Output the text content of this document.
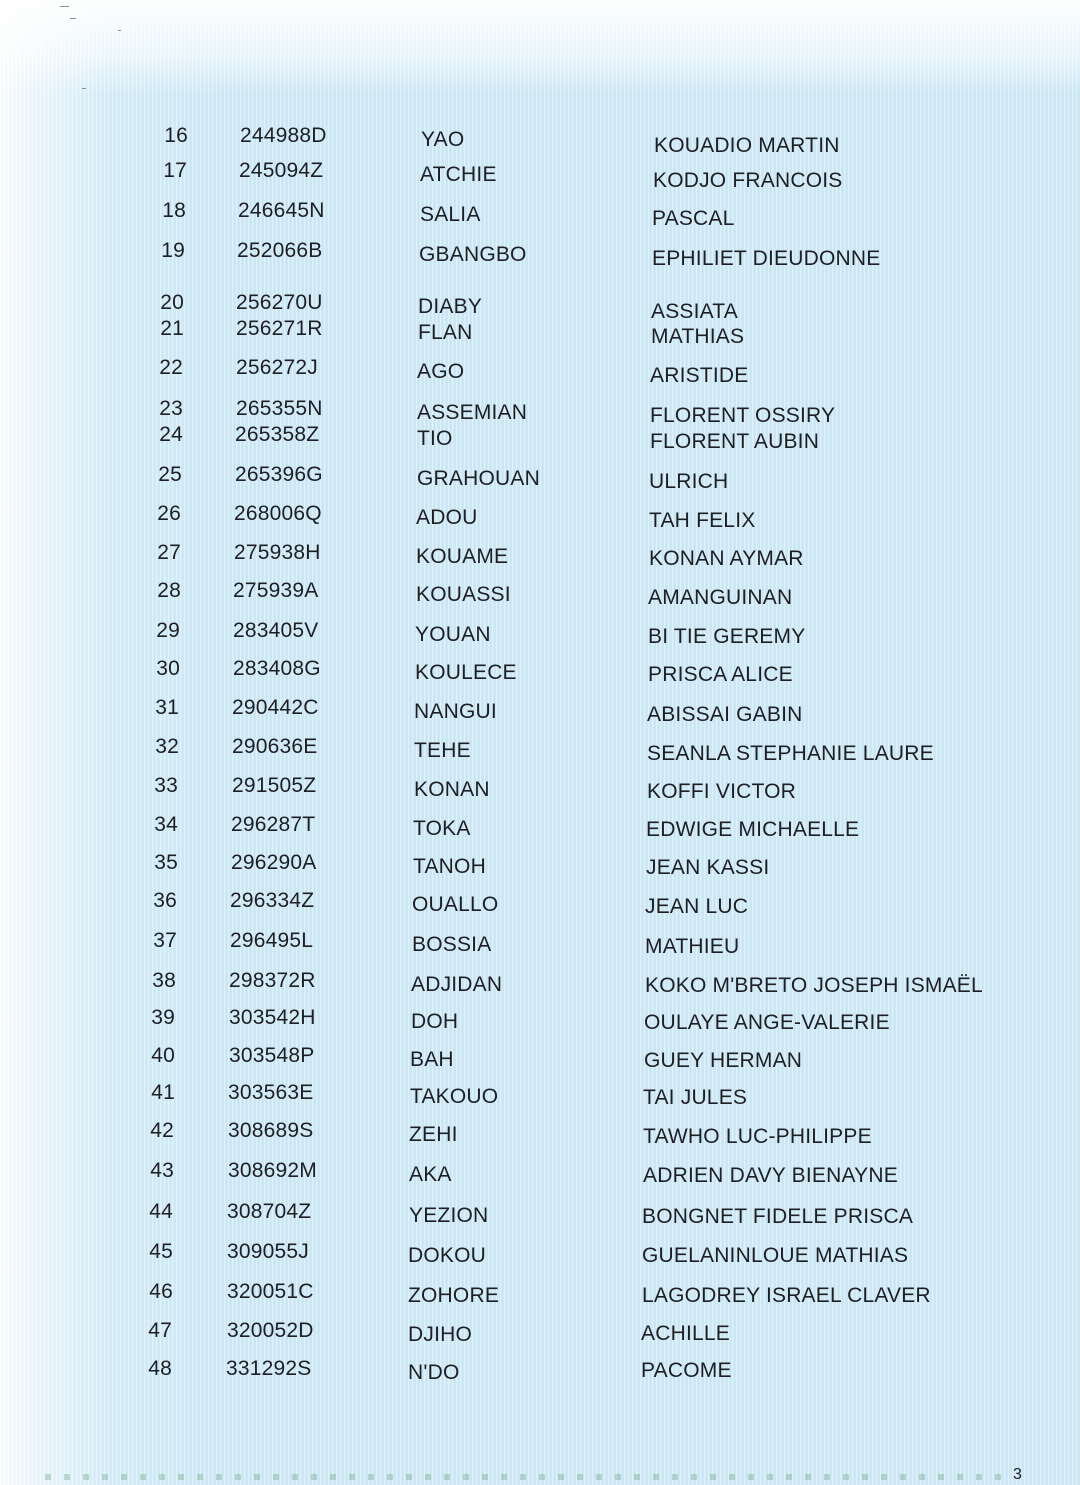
16 244988D	YAO	KOUADIO MARTIN
17 245094Z	ATCHIE	KODJO FRANCOIS
18 246645N	SALIA	PASCAL
19 252066B	GBANGBO	EPHILIET DIEUDONNE
20 256270U	DIABY	ASSIATA
21 256271R	FLAN	MATHIAS
22	256272J	AGO	ARISTIDE
23	265355N	ASSEMIAN	FLORENT OSSIRY
24 265358Z	TIO	FLORENT AUBIN
25	265396G	GRAHOUAN	ULRICH
26	268006Q	ADOU	TAH FELIX
27	275938H	KOUAME	KONAN AYMAR
28 275939A	KOUASSI	AMANGUINAN
29	283405V	YOUAN	BI TIE GEREMY
30	283408G	KOULECE	PRISCA ALICE
31	290442C	NANGUI	ABISSAI GABIN
32	290636E	TEHE	SEANLA STEPHANIE LAURE
33	291505Z	KONAN	KOFFI VICTOR
34	296287T	TOKA	EDWIGE MICHAELLE
35	296290A	TANOH	JEAN KASSI
36	296334Z	OUALLO	JEAN LUC
37	296495L	BOSSIA	MATHIEU
38	298372R	ADJIDAN	KOKO M'BRETO JOSEPH ISMAËL
39	303542H	DOH	OULAYE ANGE-VALERIE
40	303548P	BAH	GUEY HERMAN
41	303563E	TAKOUO	TAI JULES
42	308689S	ZEHI	TAWHO LUC-PHILIPPE
43	308692M	AKA	ADRIEN DAVY BIENAYNE
44	308704Z	YEZION	BONGNET FIDELE PRISCA
45	309055J	DOKOU	GUELANINLOUE MATHIAS
46	320051C	ZOHORE	LAGODREY ISRAEL CLAVER
47	320052D	DJIHO	ACHILLE
48	331292S	N'DO	PACOME
3
